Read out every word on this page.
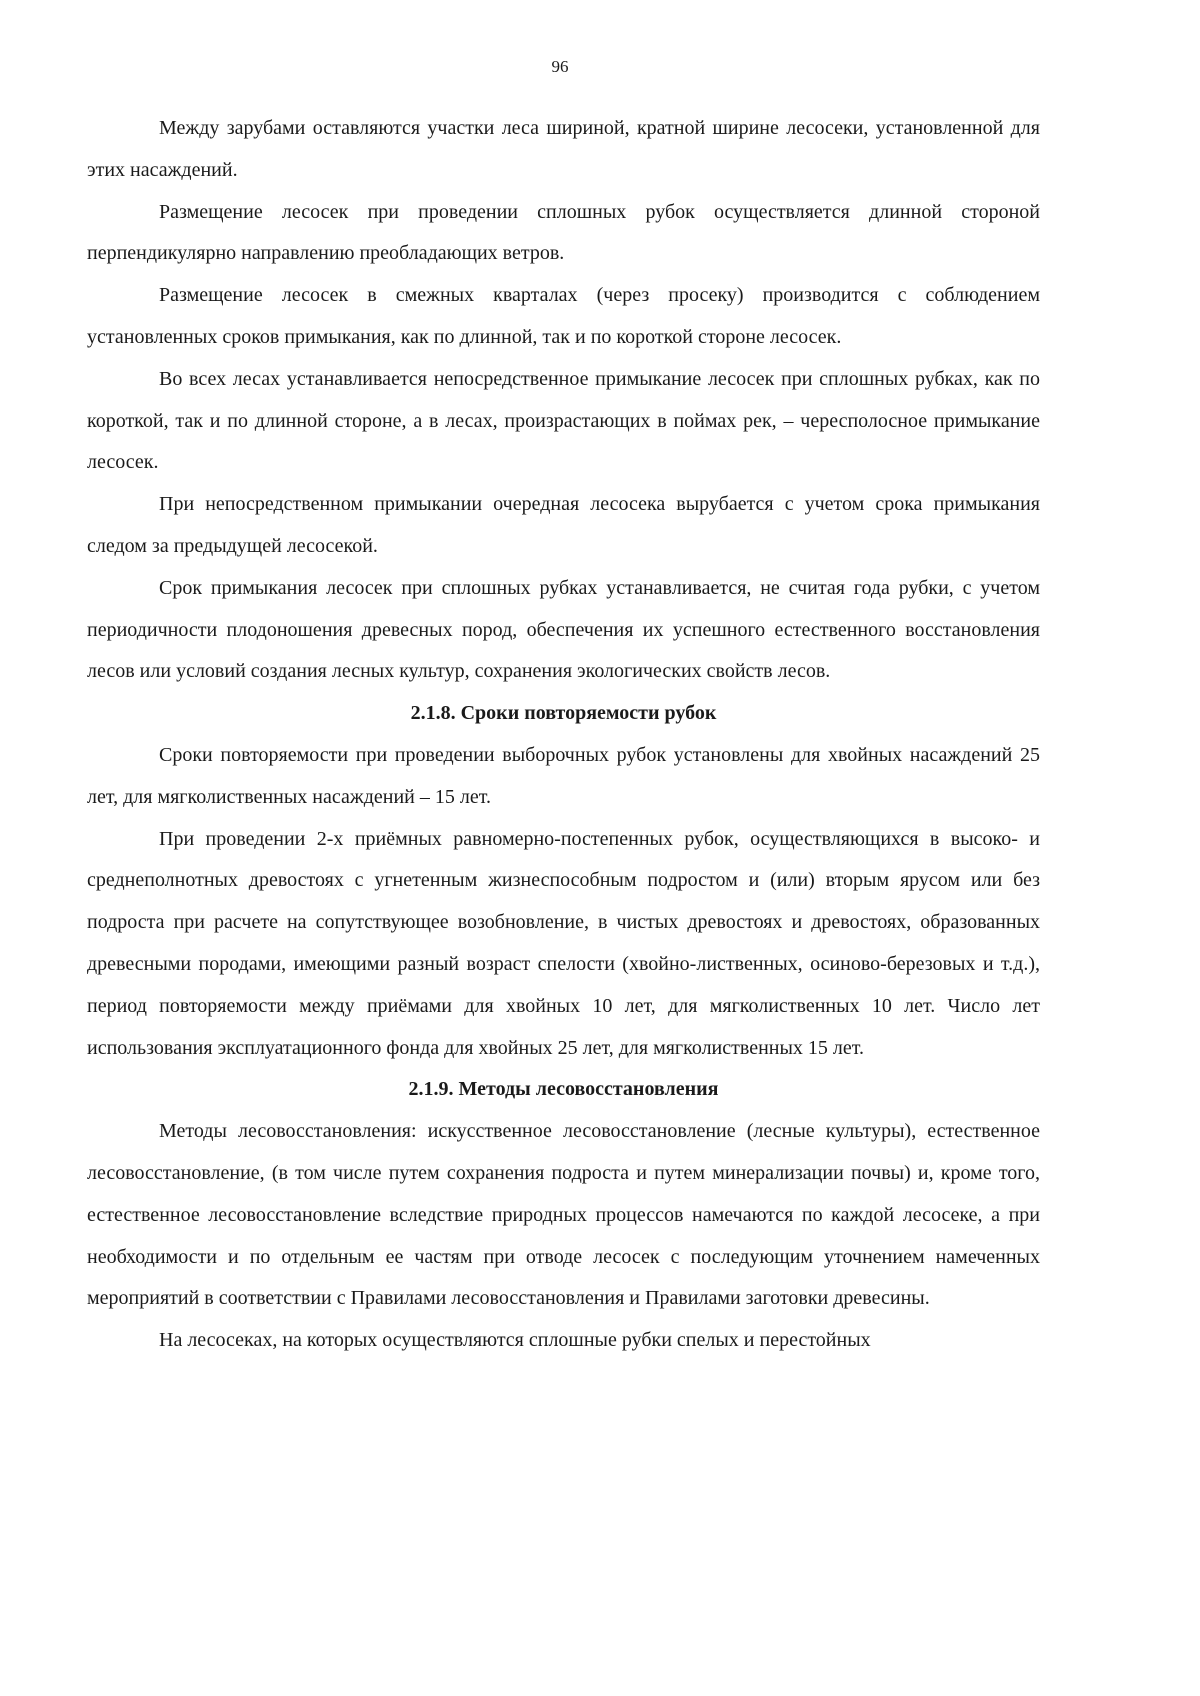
96

Между зарубами оставляются участки леса шириной, кратной ширине лесосеки, установленной для этих насаждений.

Размещение лесосек при проведении сплошных рубок осуществляется длинной стороной перпендикулярно направлению преобладающих ветров.

Размещение лесосек в смежных кварталах (через просеку) производится с соблюдением установленных сроков примыкания, как по длинной, так и по короткой стороне лесосек.

Во всех лесах устанавливается непосредственное примыкание лесосек при сплошных рубках, как по короткой, так и по длинной стороне, а в лесах, произрастающих в поймах рек, – чересполосное примыкание лесосек.

При непосредственном примыкании очередная лесосека вырубается с учетом срока примыкания следом за предыдущей лесосекой.

Срок примыкания лесосек при сплошных рубках устанавливается, не считая года рубки, с учетом периодичности плодоношения древесных пород, обеспечения их успешного естественного восстановления лесов или условий создания лесных культур, сохранения экологических свойств лесов.

2.1.8. Сроки повторяемости рубок

Сроки повторяемости при проведении выборочных рубок установлены для хвойных насаждений 25 лет, для мягколиственных насаждений – 15 лет.

При проведении 2-х приёмных равномерно-постепенных рубок, осуществляющихся в высоко- и среднеполнотных древостоях с угнетенным жизнеспособным подростом и (или) вторым ярусом или без подроста при расчете на сопутствующее возобновление, в чистых древостоях и древостоях, образованных древесными породами, имеющими разный возраст спелости (хвойно-лиственных, осиново-березовых и т.д.), период повторяемости между приёмами для хвойных 10 лет, для мягколиственных 10 лет. Число лет использования эксплуатационного фонда для хвойных 25 лет, для мягколиственных 15 лет.

2.1.9. Методы лесовосстановления

Методы лесовосстановления: искусственное лесовосстановление (лесные культуры), естественное лесовосстановление, (в том числе путем сохранения подроста и путем минерализации почвы) и, кроме того, естественное лесовосстановление вследствие природных процессов намечаются по каждой лесосеке, а при необходимости и по отдельным ее частям при отводе лесосек с последующим уточнением намеченных мероприятий в соответствии с Правилами лесовосстановления и Правилами заготовки древесины.

На лесосеках, на которых осуществляются сплошные рубки спелых и перестойных
